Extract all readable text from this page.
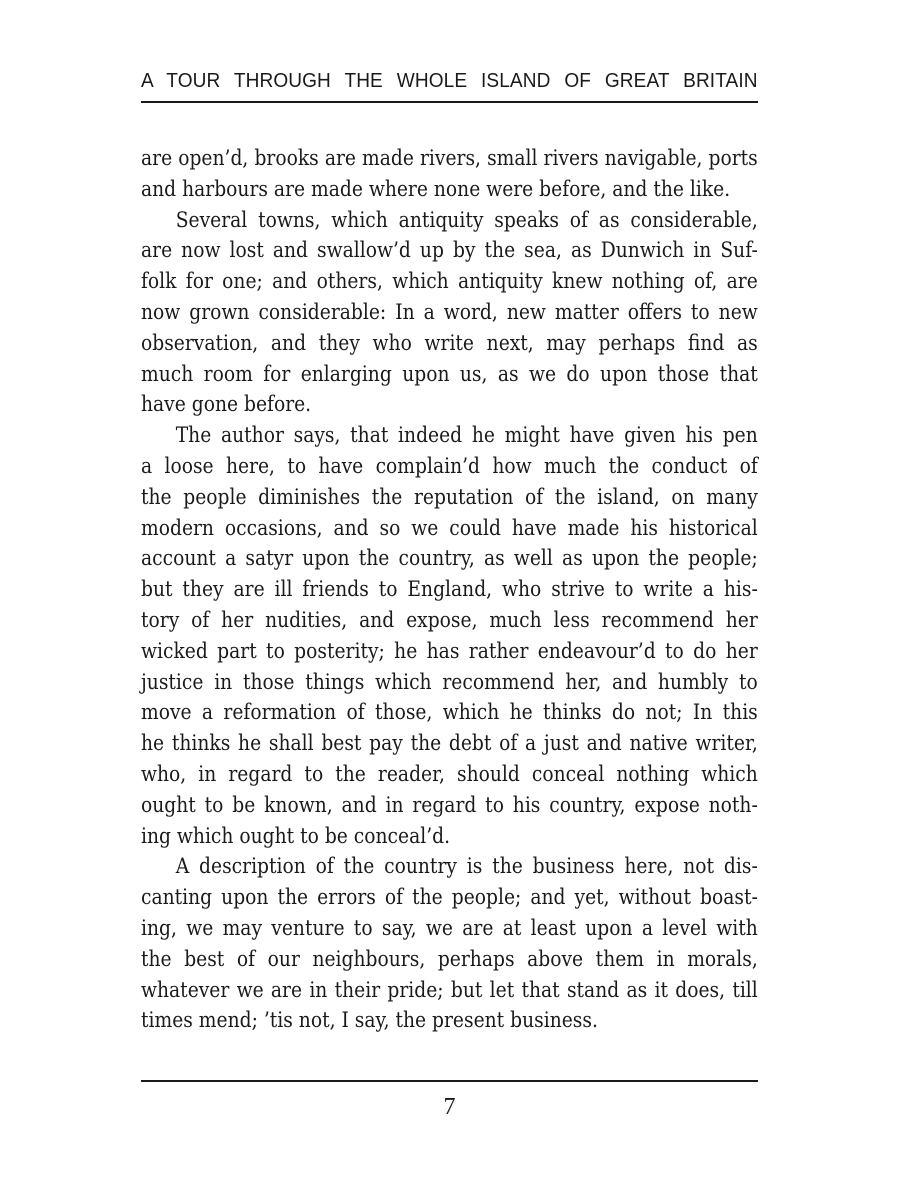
A TOUR THROUGH THE WHOLE ISLAND OF GREAT BRITAIN
are open’d, brooks are made rivers, small rivers navigable, ports
and harbours are made where none were before, and the like.
Several towns, which antiquity speaks of as considerable,
are now lost and swallow’d up by the sea, as Dunwich in Suf-
folk for one; and others, which antiquity knew nothing of, are
now grown considerable: In a word, new matter offers to new
observation, and they who write next, may perhaps find as
much room for enlarging upon us, as we do upon those that
have gone before.
The author says, that indeed he might have given his pen
a loose here, to have complain’d how much the conduct of
the people diminishes the reputation of the island, on many
modern occasions, and so we could have made his historical
account a satyr upon the country, as well as upon the people;
but they are ill friends to England, who strive to write a his-
tory of her nudities, and expose, much less recommend her
wicked part to posterity; he has rather endeavour’d to do her
justice in those things which recommend her, and humbly to
move a reformation of those, which he thinks do not; In this
he thinks he shall best pay the debt of a just and native writer,
who, in regard to the reader, should conceal nothing which
ought to be known, and in regard to his country, expose noth-
ing which ought to be conceal’d.
A description of the country is the business here, not dis-
canting upon the errors of the people; and yet, without boast-
ing, we may venture to say, we are at least upon a level with
the best of our neighbours, perhaps above them in morals,
whatever we are in their pride; but let that stand as it does, till
times mend; ’tis not, I say, the present business.
7
